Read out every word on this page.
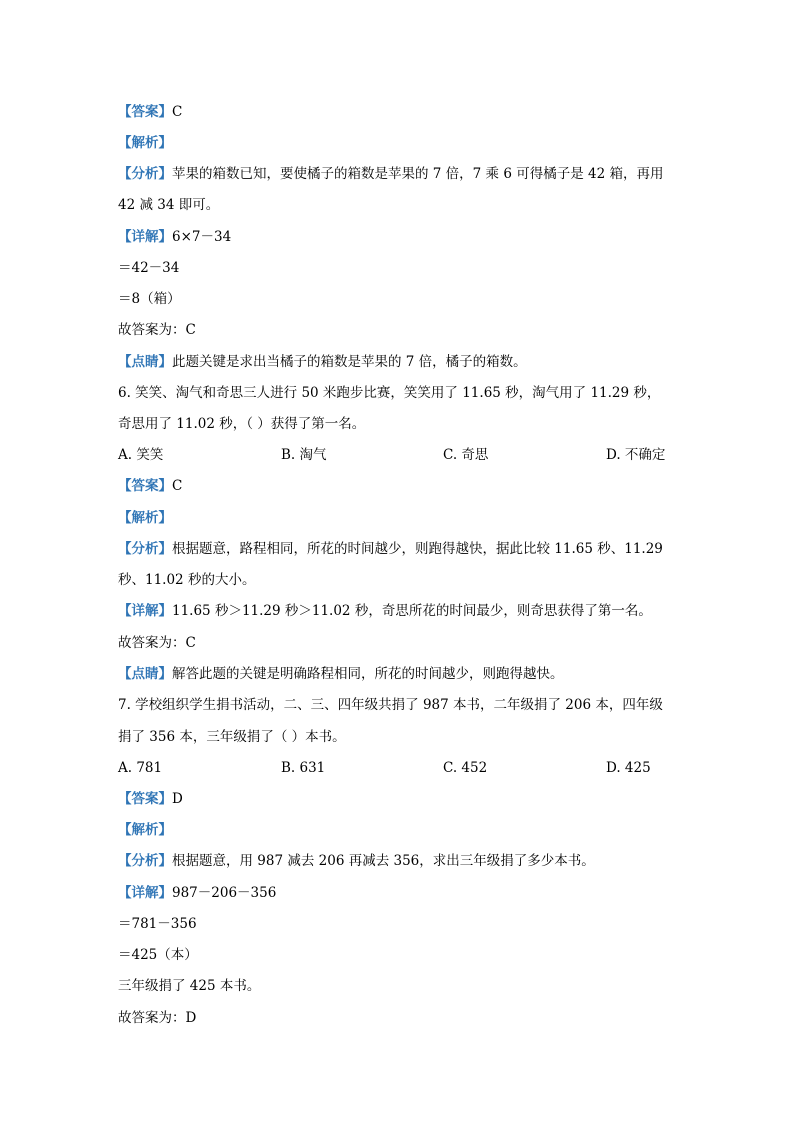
【答案】C
【解析】
【分析】苹果的箱数已知，要使橘子的箱数是苹果的 7 倍，7 乘 6 可得橘子是 42 箱，再用
42 减 34 即可。
【详解】6×7－34
＝42－34
＝8（箱）
故答案为：C
【点睛】此题关键是求出当橘子的箱数是苹果的 7 倍，橘子的箱数。
6. 笑笑、淘气和奇思三人进行 50 米跑步比赛，笑笑用了 11.65 秒，淘气用了 11.29 秒，
奇思用了 11.02 秒，（ ）获得了第一名。
A. 笑笑	B. 淘气	C. 奇思	D. 不确定
【答案】C
【解析】
【分析】根据题意，路程相同，所花的时间越少，则跑得越快，据此比较 11.65 秒、11.29
秒、11.02 秒的大小。
【详解】11.65 秒＞11.29 秒＞11.02 秒，奇思所花的时间最少，则奇思获得了第一名。
故答案为：C
【点睛】解答此题的关键是明确路程相同，所花的时间越少，则跑得越快。
7. 学校组织学生捐书活动，二、三、四年级共捐了 987 本书，二年级捐了 206 本，四年级
捐了 356 本，三年级捐了（ ）本书。
A. 781	B. 631	C. 452	D. 425
【答案】D
【解析】
【分析】根据题意，用 987 减去 206 再减去 356，求出三年级捐了多少本书。
【详解】987－206－356
＝781－356
＝425（本）
三年级捐了 425 本书。
故答案为：D
